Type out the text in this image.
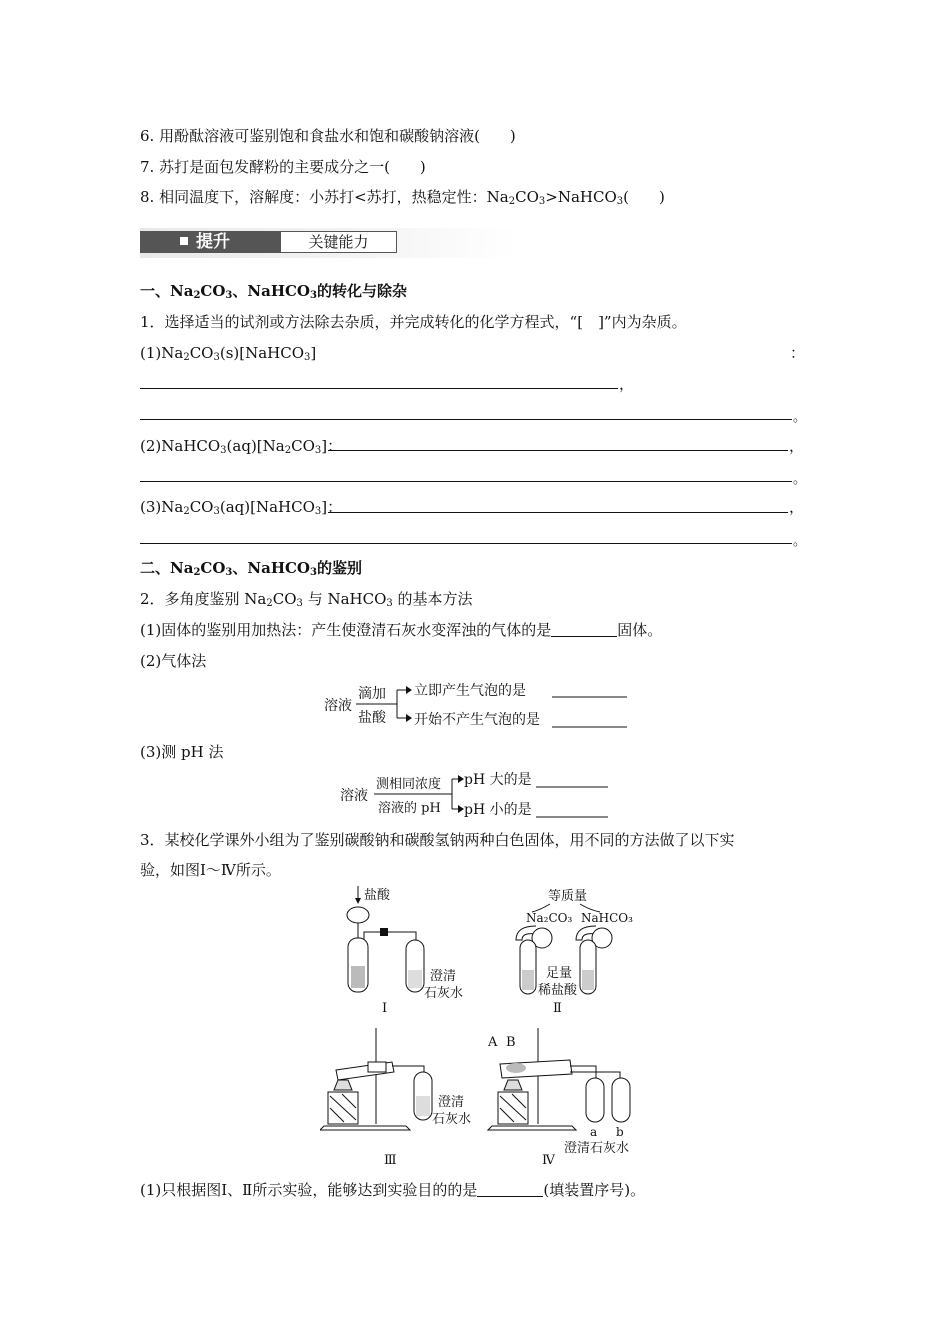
6. 用酚酞溶液可鉴别饱和食盐水和饱和碳酸钠溶液(　　)
7. 苏打是面包发酵粉的主要成分之一(　　)
8. 相同温度下，溶解度：小苏打<苏打，热稳定性：$Na_2CO_3>NaHCO_3$(　　)
提升	关键能力
一、$Na_2CO_3$、NaHCO$_3$的转化与除杂
1．选择适当的试剂或方法除去杂质，并完成转化的化学方程式，“[　]”内为杂质。
$(1)Na_2CO_3(s)[NaHCO_3]$	：
，
。
$(2)NaHCO_3(aq)[Na_2CO_3]$：	，
。
$(3)Na_2CO_3(aq)[NaHCO_3]$：	，
。
二、$Na_2CO_3$、NaHCO$_3$的鉴别
2．多角度鉴别 $Na_2CO_3$ 与 NaHCO$_3$ 的基本方法
(1)固体的鉴别用加热法：产生使澄清石灰水变浑浊的气体的是	固体。
(2)气体法
溶液
滴加
盐酸
立即产生气泡的是
开始不产生气泡的是
(3)测 pH 法
溶液
测相同浓度
溶液的 pH
pH 大的是
pH 小的是
3．某校化学课外小组为了鉴别碳酸钠和碳酸氢钠两种白色固体，用不同的方法做了以下实
验，如图Ⅰ～Ⅳ所示。
盐酸
澄清
石灰水
Ⅰ
等质量
Na₂CO₃ NaHCO₃
足量
稀盐酸
Ⅱ
澄清
石灰水
Ⅲ
A B
a b
澄清石灰水
Ⅳ
(1)只根据图Ⅰ、Ⅱ所示实验，能够达到实验目的的是	(填装置序号)。
